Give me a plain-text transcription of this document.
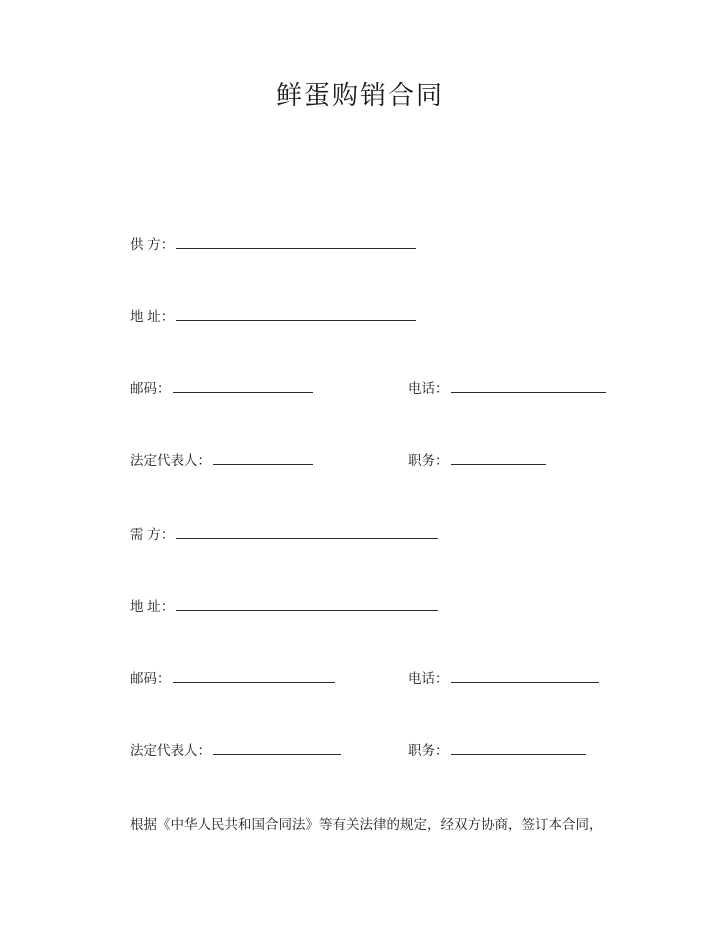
鲜蛋购销合同
供 方：
地 址：
邮码：	电话：
法定代表人：	职务：
需 方：
地 址：
邮码：	电话：
法定代表人：	职务：
根据《中华人民共和国合同法》等有关法律的规定，经双方协商，签订本合同，
